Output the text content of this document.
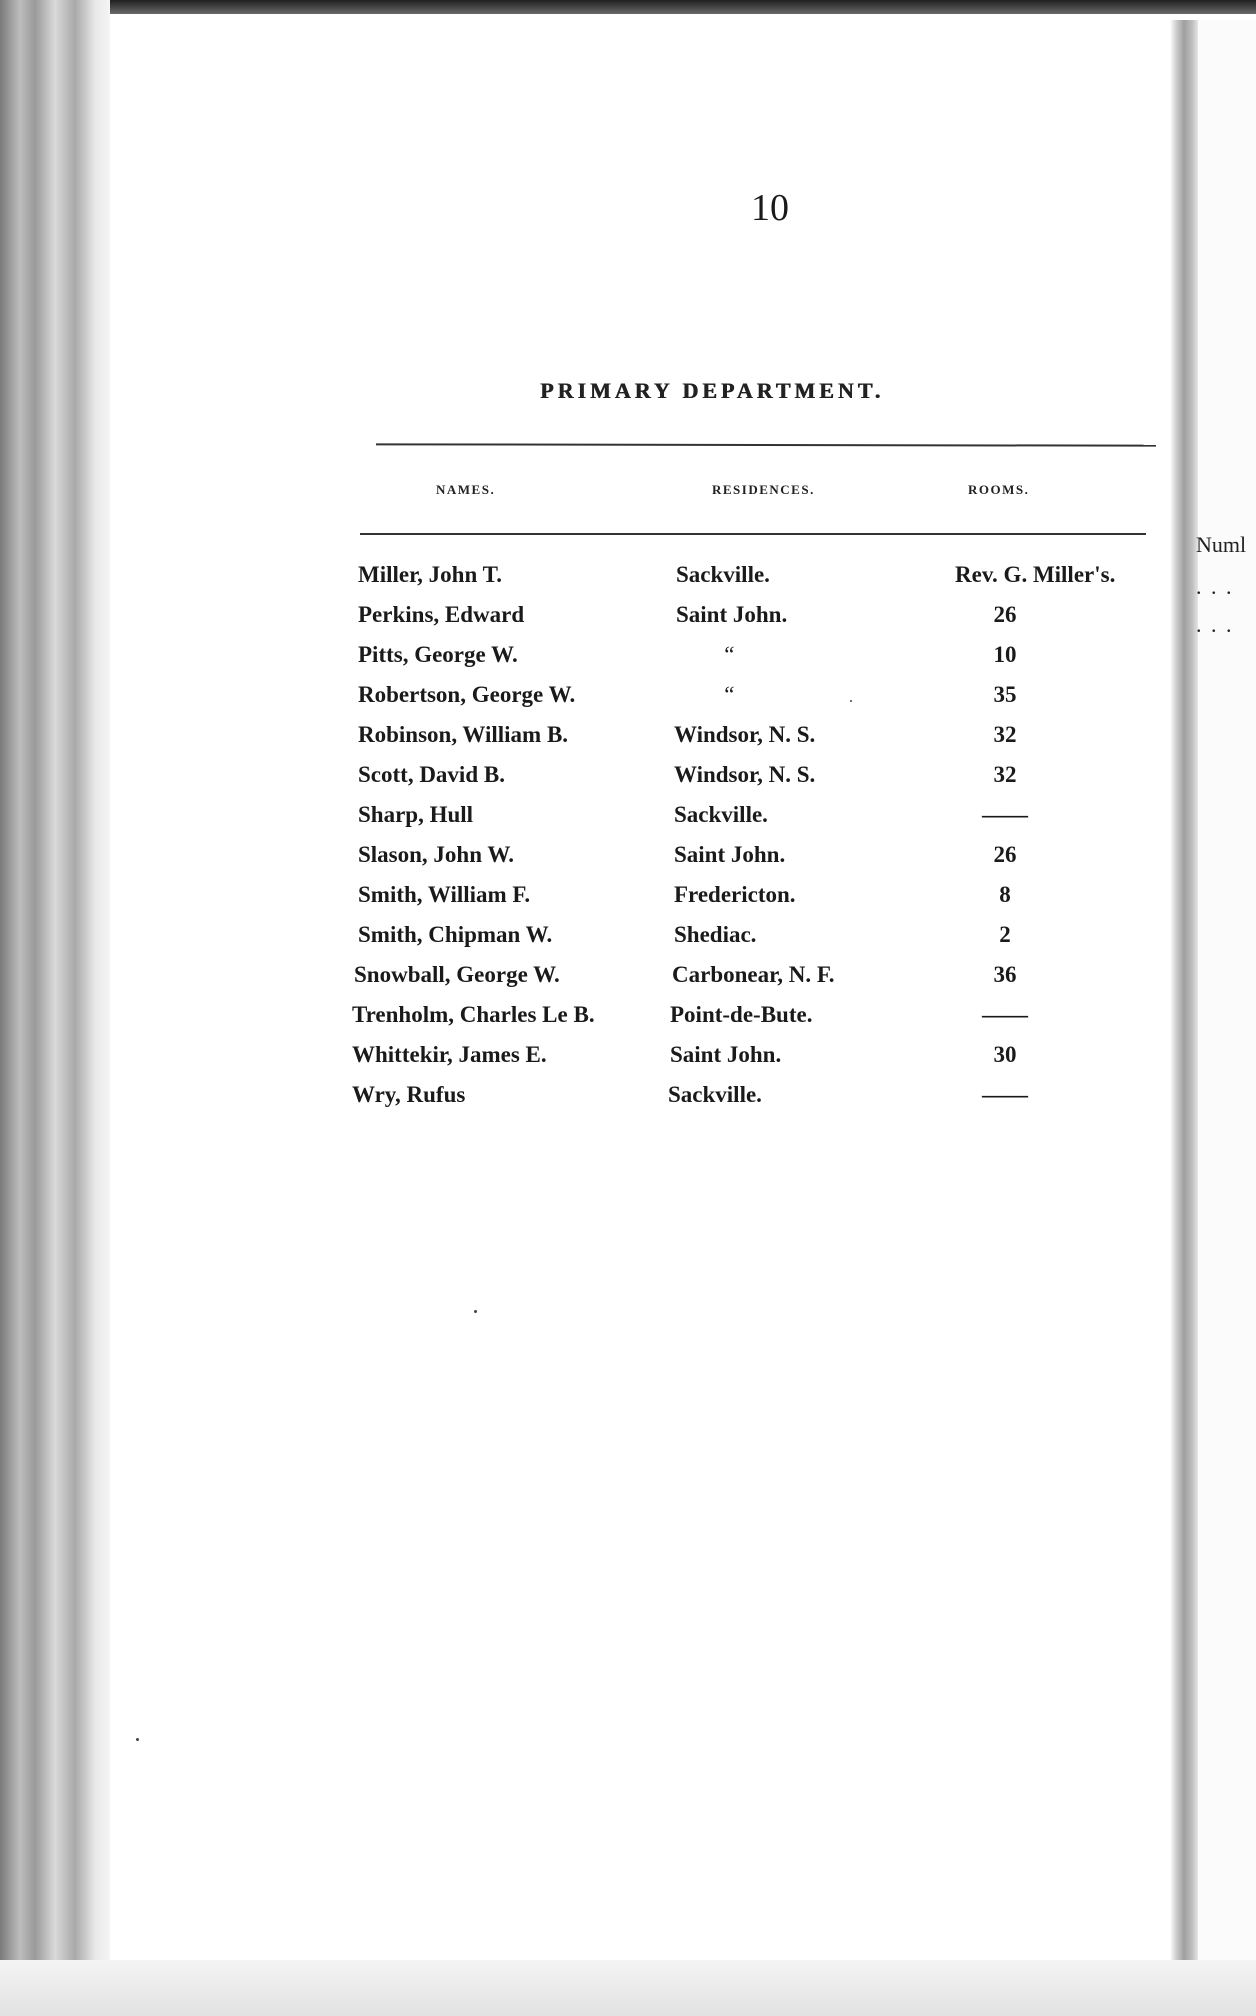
10
PRIMARY DEPARTMENT.
NAMES.	RESIDENCES.	ROOMS.
Miller, John T.	Sackville.	Rev. G. Miller's.
Perkins, Edward	Saint John.	26
Pitts, George W.	“	10
Robertson, George W.	“	35
Robinson, William B.	Windsor, N. S.	32
Scott, David B.	Windsor, N. S.	32
Sharp, Hull	Sackville.	——
Slason, John W.	Saint John.	26
Smith, William F.	Fredericton.	8
Smith, Chipman W.	Shediac.	2
Snowball, George W.	Carbonear, N. F.	36
Trenholm, Charles Le B.	Point-de-Bute.	——
Whittekir, James E.	Saint John.	30
Wry, Rufus	Sackville.	——
Numl
. . .
. . .
